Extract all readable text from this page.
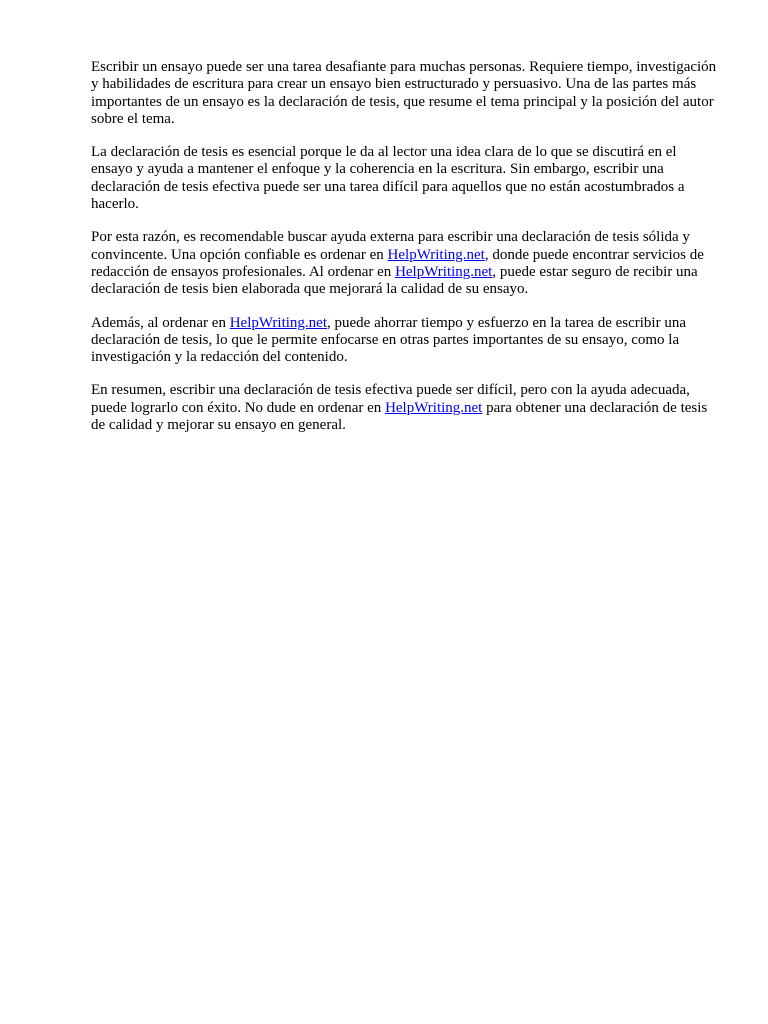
Escribir un ensayo puede ser una tarea desafiante para muchas personas. Requiere tiempo, investigación y habilidades de escritura para crear un ensayo bien estructurado y persuasivo. Una de las partes más importantes de un ensayo es la declaración de tesis, que resume el tema principal y la posición del autor sobre el tema.

La declaración de tesis es esencial porque le da al lector una idea clara de lo que se discutirá en el ensayo y ayuda a mantener el enfoque y la coherencia en la escritura. Sin embargo, escribir una declaración de tesis efectiva puede ser una tarea difícil para aquellos que no están acostumbrados a hacerlo.

Por esta razón, es recomendable buscar ayuda externa para escribir una declaración de tesis sólida y convincente. Una opción confiable es ordenar en HelpWriting.net, donde puede encontrar servicios de redacción de ensayos profesionales. Al ordenar en HelpWriting.net, puede estar seguro de recibir una declaración de tesis bien elaborada que mejorará la calidad de su ensayo.

Además, al ordenar en HelpWriting.net, puede ahorrar tiempo y esfuerzo en la tarea de escribir una declaración de tesis, lo que le permite enfocarse en otras partes importantes de su ensayo, como la investigación y la redacción del contenido.

En resumen, escribir una declaración de tesis efectiva puede ser difícil, pero con la ayuda adecuada, puede lograrlo con éxito. No dude en ordenar en HelpWriting.net para obtener una declaración de tesis de calidad y mejorar su ensayo en general.
